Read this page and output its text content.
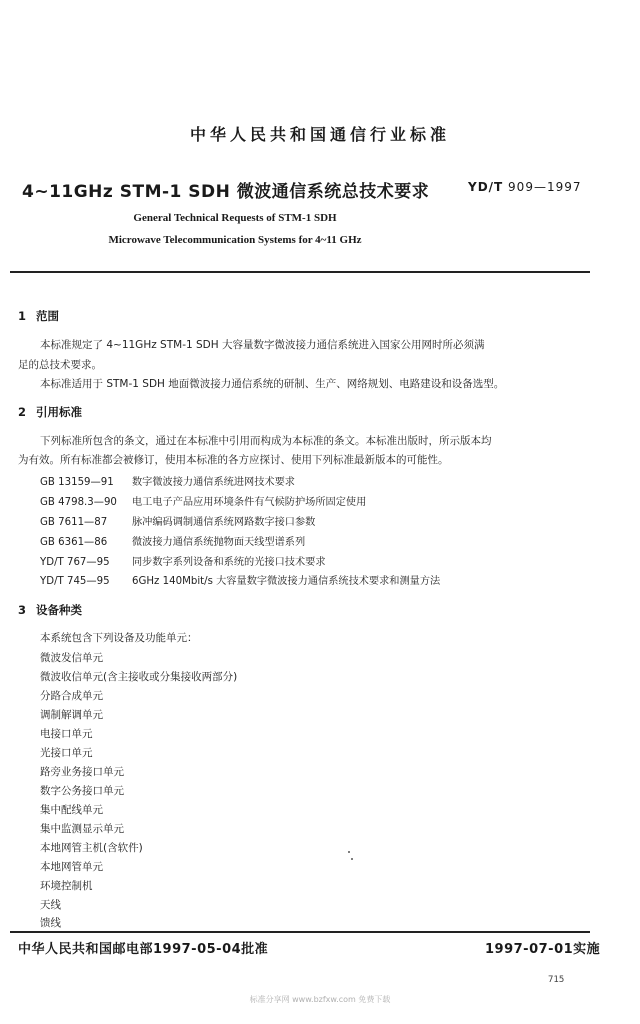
中华人民共和国通信行业标准
4~11GHz STM-1 SDH 微波通信系统总技术要求	YD/T 909—1997
General Technical Requests of STM-1 SDH
Microwave Telecommunication Systems for 4~11 GHz
1 范围
本标准规定了 4~11GHz STM-1 SDH 大容量数字微波接力通信系统进入国家公用网时所必须满
足的总技术要求。
本标准适用于 STM-1 SDH 地面微波接力通信系统的研制、生产、网络规划、电路建设和设备选型。
2 引用标准
下列标准所包含的条文，通过在本标准中引用而构成为本标准的条文。本标准出版时，所示版本均
为有效。所有标准都会被修订，使用本标准的各方应探讨、使用下列标准最新版本的可能性。
GB 13159—91 数字微波接力通信系统进网技术要求
GB 4798.3—90 电工电子产品应用环境条件有气候防护场所固定使用
GB 7611—87 脉冲编码调制通信系统网路数字接口参数
GB 6361—86 微波接力通信系统抛物面天线型谱系列
YD/T 767—95 同步数字系列设备和系统的光接口技术要求
YD/T 745—95 6GHz 140Mbit/s 大容量数字微波接力通信系统技术要求和测量方法
3 设备种类
本系统包含下列设备及功能单元：
微波发信单元
微波收信单元(含主接收或分集接收两部分)
分路合成单元
调制解调单元
电接口单元
光接口单元
路旁业务接口单元
数字公务接口单元
集中配线单元
集中监测显示单元
本地网管主机(含软件)
本地网管单元
环境控制机
天线
馈线
中华人民共和国邮电部1997-05-04批准	1997-07-01实施
715
标准分享网 www.bzfxw.com 免费下载
